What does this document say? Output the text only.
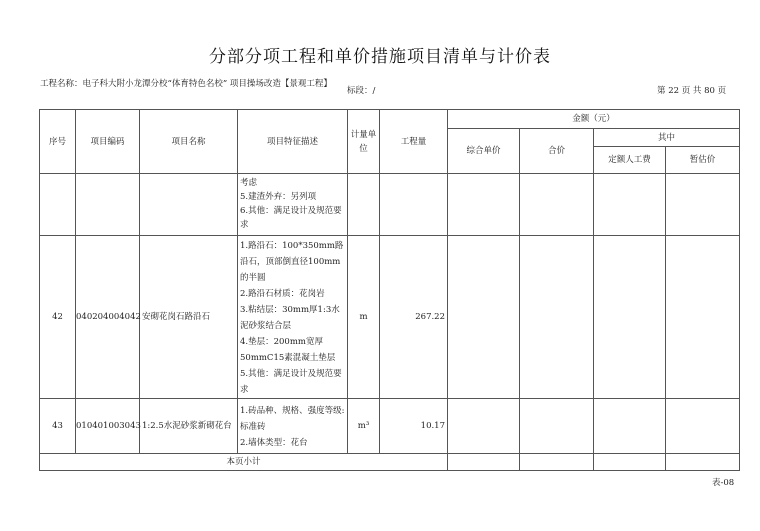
分部分项工程和单价措施项目清单与计价表
工程名称：电子科大附小龙潭分校“体育特色名校” 项目操场改造【景观工程】
标段：/	第 22 页 共 80 页
序号	项目编码	项目名称	项目特征描述	计量单位	工程量	金额（元）			
						综合单价	合价	其中	
								定额人工费	暂估价

			考虑
5.建渣外弃：另列项
6.其他：满足设计及规范要求						

42	040204004042	安砌花岗石路沿石	1.路沿石：100*350mm路沿石，顶部倒直径100mm的半圆
2.路沿石材质：花岗岩
3.粘结层：30mm厚1:3水泥砂浆结合层
4.垫层：200mm宽厚50mmC15素混凝土垫层
5.其他：满足设计及规范要求	m	267.22				
43	010401003043	1:2.5水泥砂浆新砌花台	1.砖品种、规格、强度等级:标准砖
2.墙体类型：花台	m³	10.17				
本页小计									
表-08
